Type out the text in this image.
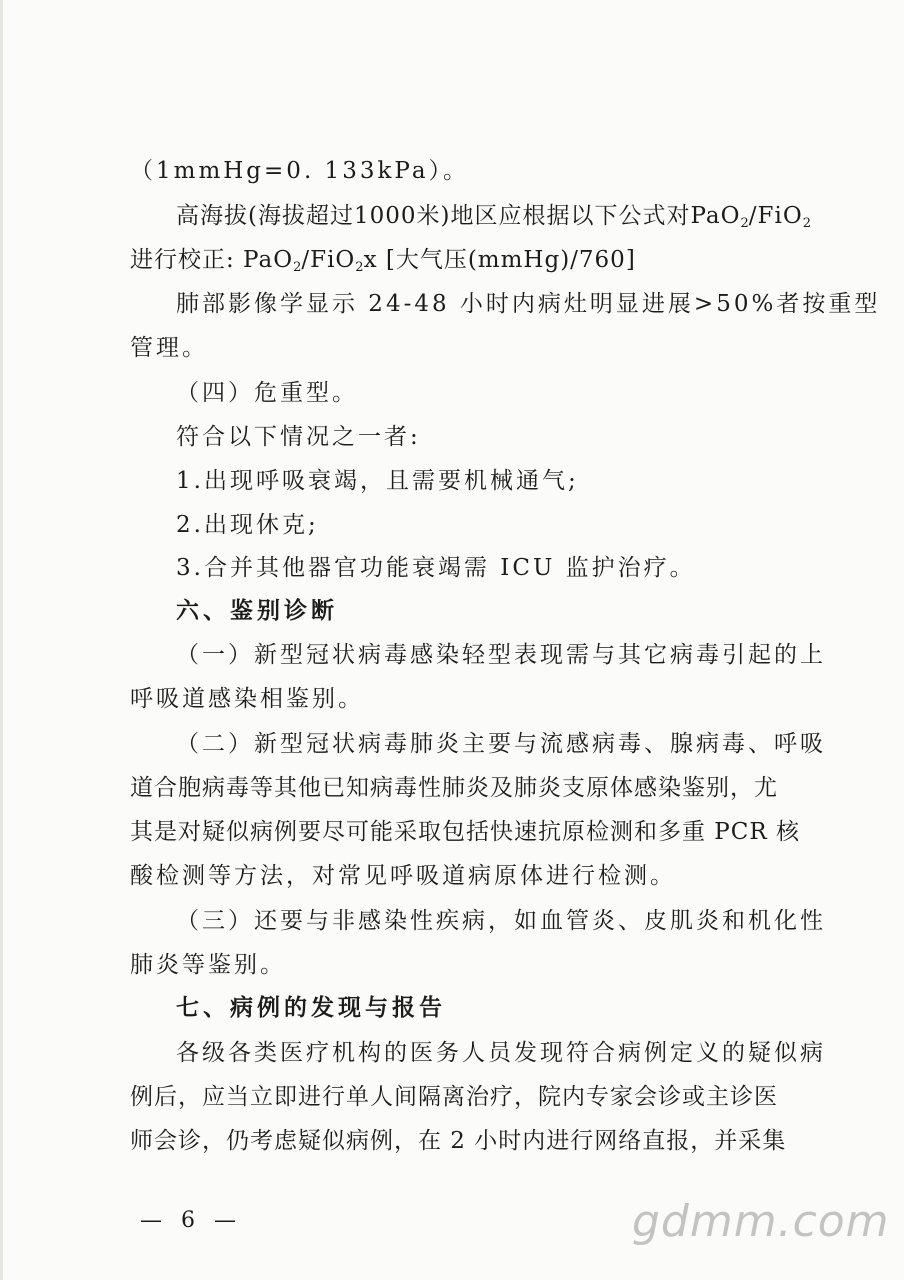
（1mmHg=0. 133kPa）。
高海拔(海拔超过1000米)地区应根据以下公式对PaO$_2$/FiO$_2$
进行校正: PaO$_2$/FiO$_2$x [大气压(mmHg)/760]
肺部影像学显示 24-48 小时内病灶明显进展>50%者按重型
管理。
（四）危重型。
符合以下情况之一者:
1.出现呼吸衰竭，且需要机械通气;
2.出现休克;
3.合并其他器官功能衰竭需 ICU 监护治疗。
六、鉴别诊断
（一）新型冠状病毒感染轻型表现需与其它病毒引起的上
呼吸道感染相鉴别。
（二）新型冠状病毒肺炎主要与流感病毒、腺病毒、呼吸
道合胞病毒等其他已知病毒性肺炎及肺炎支原体感染鉴别，尤
其是对疑似病例要尽可能采取包括快速抗原检测和多重 PCR 核
酸检测等方法，对常见呼吸道病原体进行检测。
（三）还要与非感染性疾病，如血管炎、皮肌炎和机化性
肺炎等鉴别。
七、病例的发现与报告
各级各类医疗机构的医务人员发现符合病例定义的疑似病
例后，应当立即进行单人间隔离治疗，院内专家会诊或主诊医
师会诊，仍考虑疑似病例，在 2 小时内进行网络直报，并采集
— 6 —	gdmm.com
